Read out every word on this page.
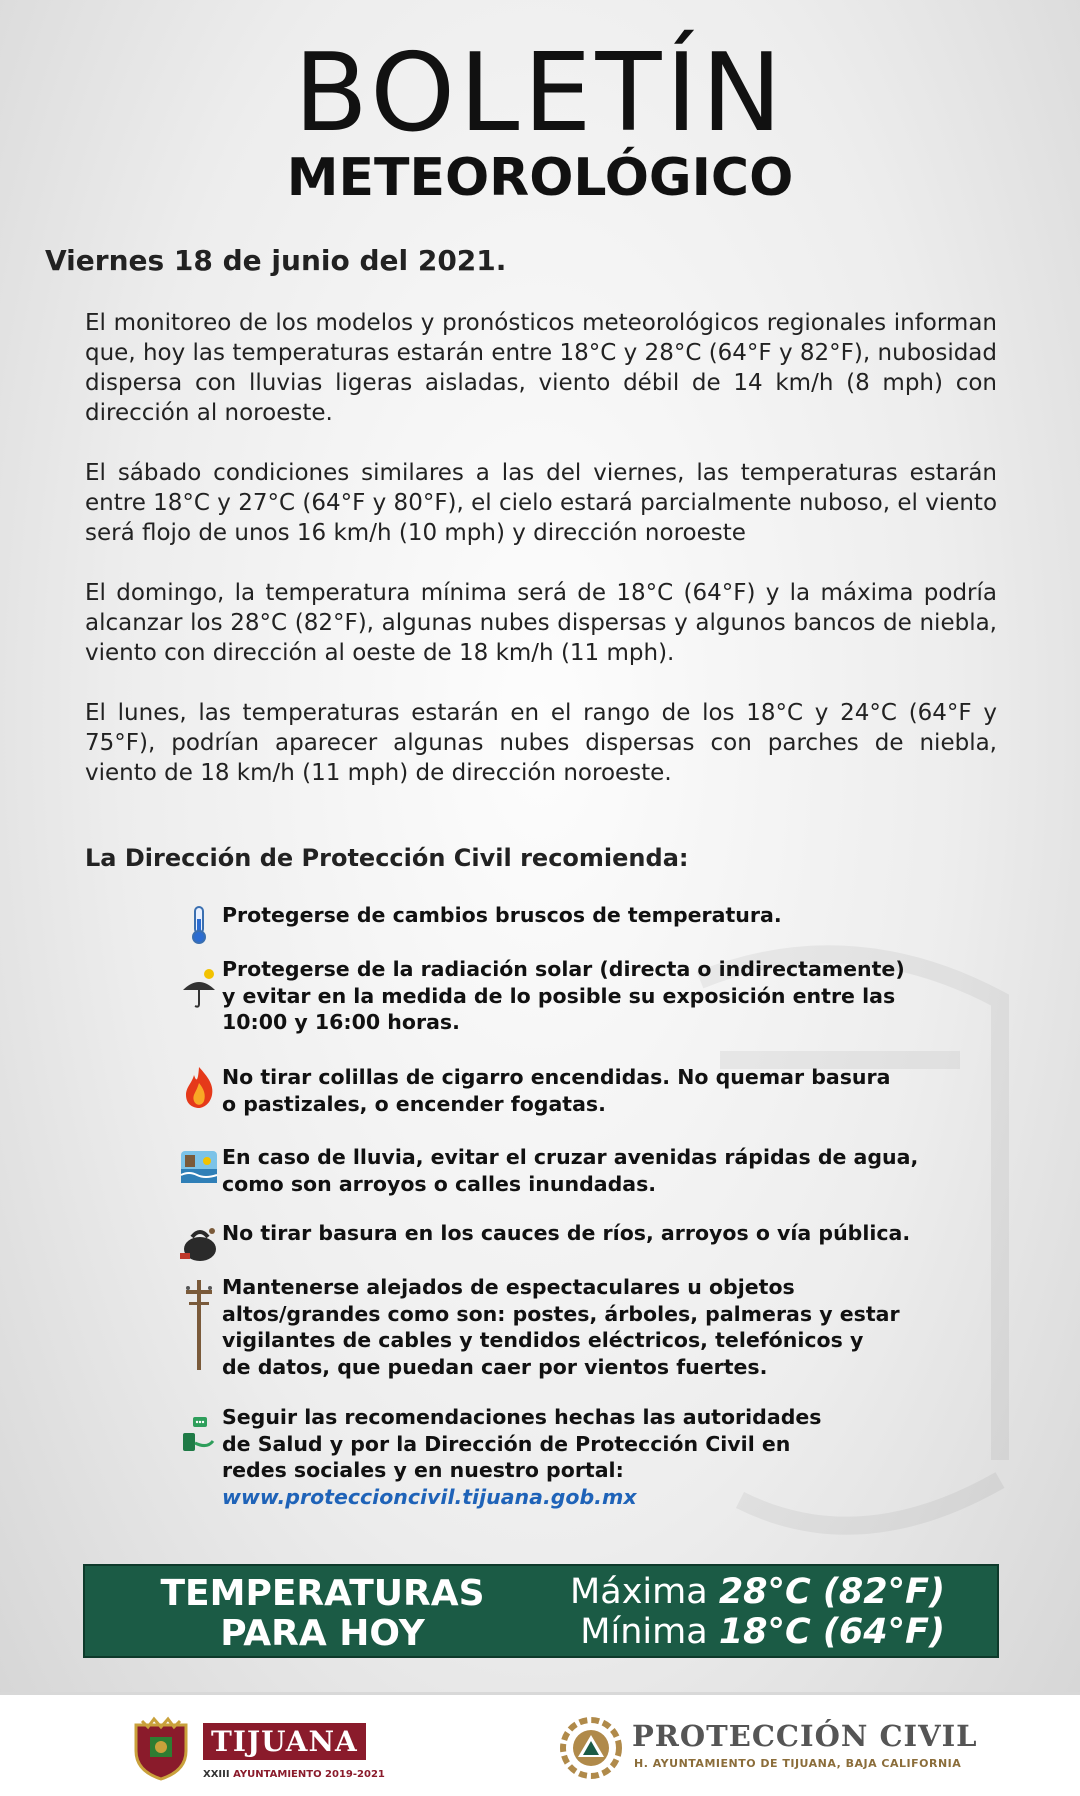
BOLETÍN
METEOROLÓGICO
Viernes 18 de junio del 2021.

El monitoreo de los modelos y pronósticos meteorológicos regionales informan que, hoy las temperaturas estarán entre 18°C y 28°C (64°F y 82°F), nubosidad dispersa con lluvias ligeras aisladas, viento débil de 14 km/h (8 mph) con dirección al noroeste.

El sábado condiciones similares a las del viernes, las temperaturas estarán entre 18°C y 27°C (64°F y 80°F), el cielo estará parcialmente nuboso, el viento será flojo de unos 16 km/h (10 mph) y dirección noroeste

El domingo, la temperatura mínima será de 18°C (64°F) y la máxima podría alcanzar los 28°C (82°F), algunas nubes dispersas y algunos bancos de niebla, viento con dirección al oeste de 18 km/h (11 mph).

El lunes, las temperaturas estarán en el rango de los 18°C y 24°C (64°F y 75°F), podrían aparecer algunas nubes dispersas con parches de niebla, viento de 18 km/h (11 mph) de dirección noroeste.

La Dirección de Protección Civil recomienda:
Protegerse de cambios bruscos de temperatura.
Protegerse de la radiación solar (directa o indirectamente)
y evitar en la medida de lo posible su exposición entre las
10:00 y 16:00 horas.
No tirar colillas de cigarro encendidas. No quemar basura
o pastizales, o encender fogatas.
En caso de lluvia, evitar el cruzar avenidas rápidas de agua,
como son arroyos o calles inundadas.
No tirar basura en los cauces de ríos, arroyos o vía pública.
Mantenerse alejados de espectaculares u objetos
altos/grandes como son: postes, árboles, palmeras y estar
vigilantes de cables y tendidos eléctricos, telefónicos y
de datos, que puedan caer por vientos fuertes.
Seguir las recomendaciones hechas las autoridades
de Salud y por la Dirección de Protección Civil en
redes sociales y en nuestro portal:
www.proteccioncivil.tijuana.gob.mx
TEMPERATURAS
PARA HOY
Máxima 28°C (82°F)
Mínima 18°C (64°F)
TIJUANA
XXIII AYUNTAMIENTO 2019-2021
PROTECCIÓN CIVIL
H. AYUNTAMIENTO DE TIJUANA, BAJA CALIFORNIA
